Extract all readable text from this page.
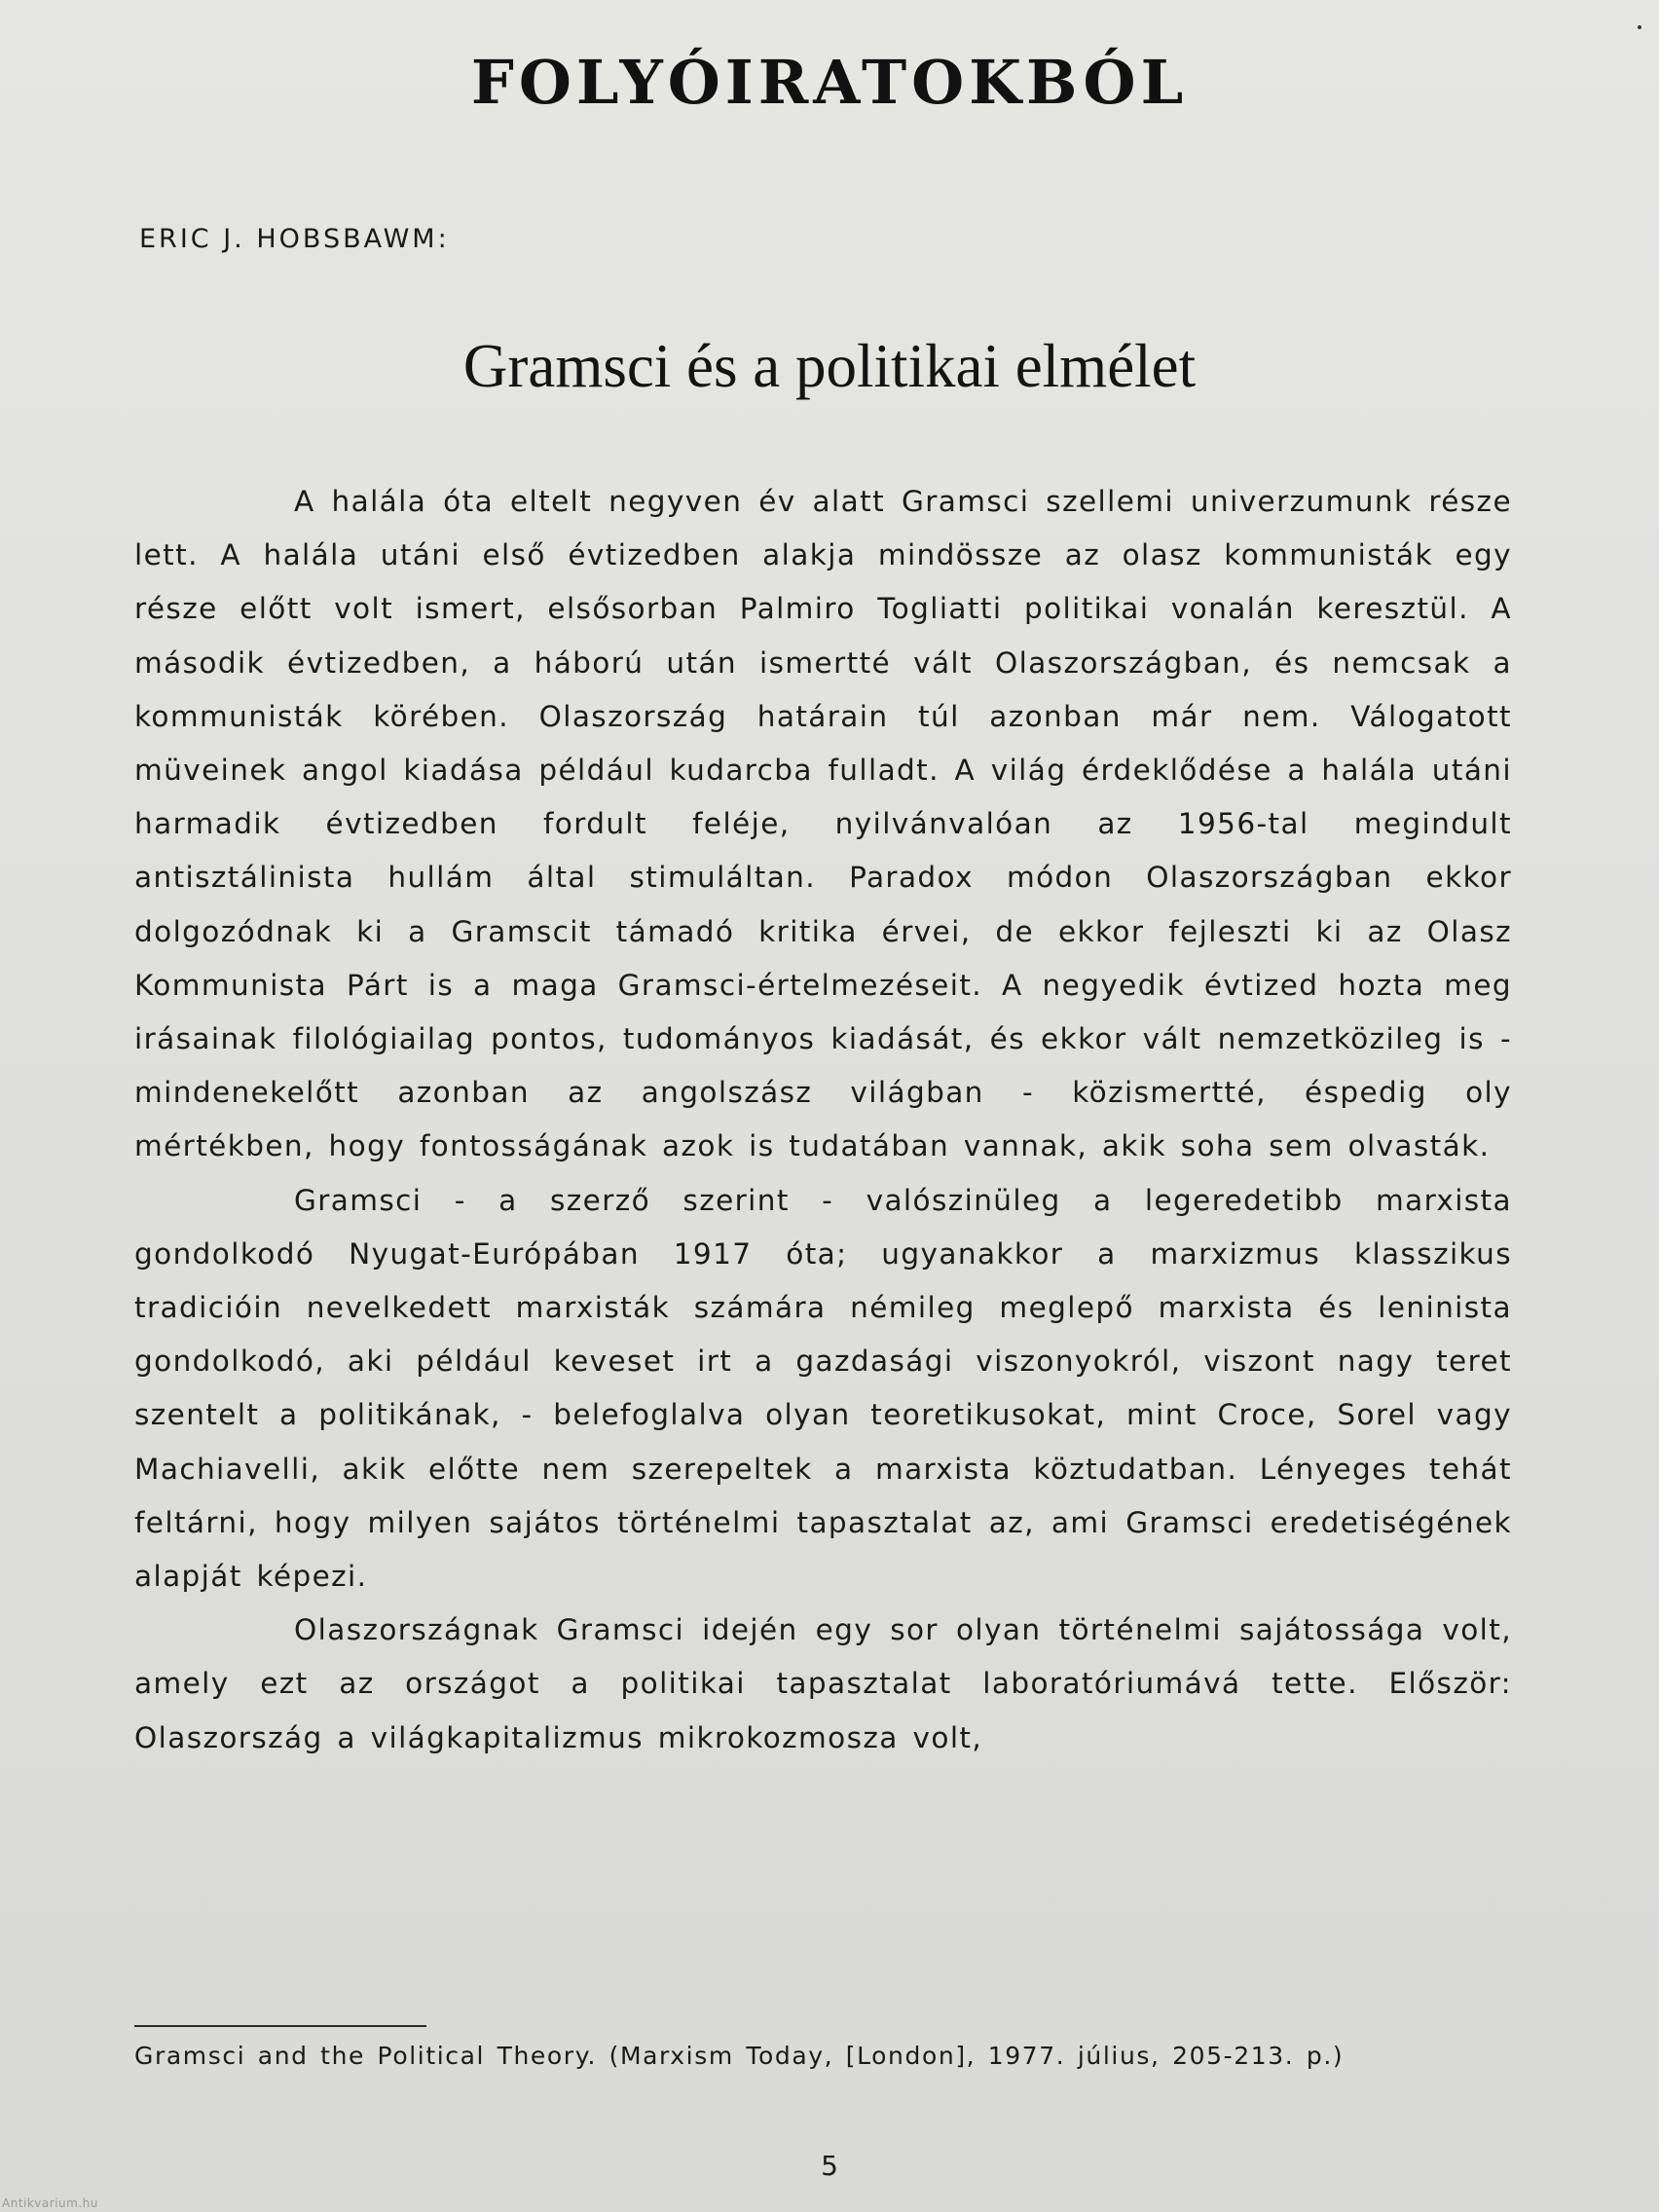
FOLYÓIRATOKBÓL
ERIC J. HOBSBAWM:
Gramsci és a politikai elmélet

A halála óta eltelt negyven év alatt Gramsci szellemi univerzumunk része lett. A halála utáni első évtizedben alakja mindössze az olasz kommunisták egy része előtt volt ismert, elsősorban Palmiro Togliatti politikai vonalán keresztül. A második évtizedben, a háború után ismertté vált Olaszországban, és nemcsak a kommunisták körében. Olaszország határain túl azonban már nem. Válogatott müveinek angol kiadása például kudarcba fulladt. A világ érdeklődése a halála utáni harmadik évtizedben fordult feléje, nyilvánvalóan az 1956-tal megindult antisztálinista hullám által stimuláltan. Paradox módon Olaszországban ekkor dolgozódnak ki a Gramscit támadó kritika érvei, de ekkor fejleszti ki az Olasz Kommunista Párt is a maga Gramsci-értelmezéseit. A negyedik évtized hozta meg irásainak filológiailag pontos, tudományos kiadását, és ekkor vált nemzetközileg is - mindenekelőtt azonban az angolszász világban - közismertté, éspedig oly mértékben, hogy fontosságának azok is tudatában vannak, akik soha sem olvasták.

Gramsci - a szerző szerint - valószinüleg a legeredetibb marxista gondolkodó Nyugat-Európában 1917 óta; ugyanakkor a marxizmus klasszikus tradicióin nevelkedett marxisták számára némileg meglepő marxista és leninista gondolkodó, aki például keveset irt a gazdasági viszonyokról, viszont nagy teret szentelt a politikának, - belefoglalva olyan teoretikusokat, mint Croce, Sorel vagy Machiavelli, akik előtte nem szerepeltek a marxista köztudatban. Lényeges tehát feltárni, hogy milyen sajátos történelmi tapasztalat az, ami Gramsci eredetiségének alapját képezi.

Olaszországnak Gramsci idején egy sor olyan történelmi sajátossága volt, amely ezt az országot a politikai tapasztalat laboratóriumává tette. Először: Olaszország a világkapitalizmus mikrokozmosza volt,

Gramsci and the Political Theory. (Marxism Today, [London], 1977. július, 205-213. p.)
5
Antikvarium.hu
